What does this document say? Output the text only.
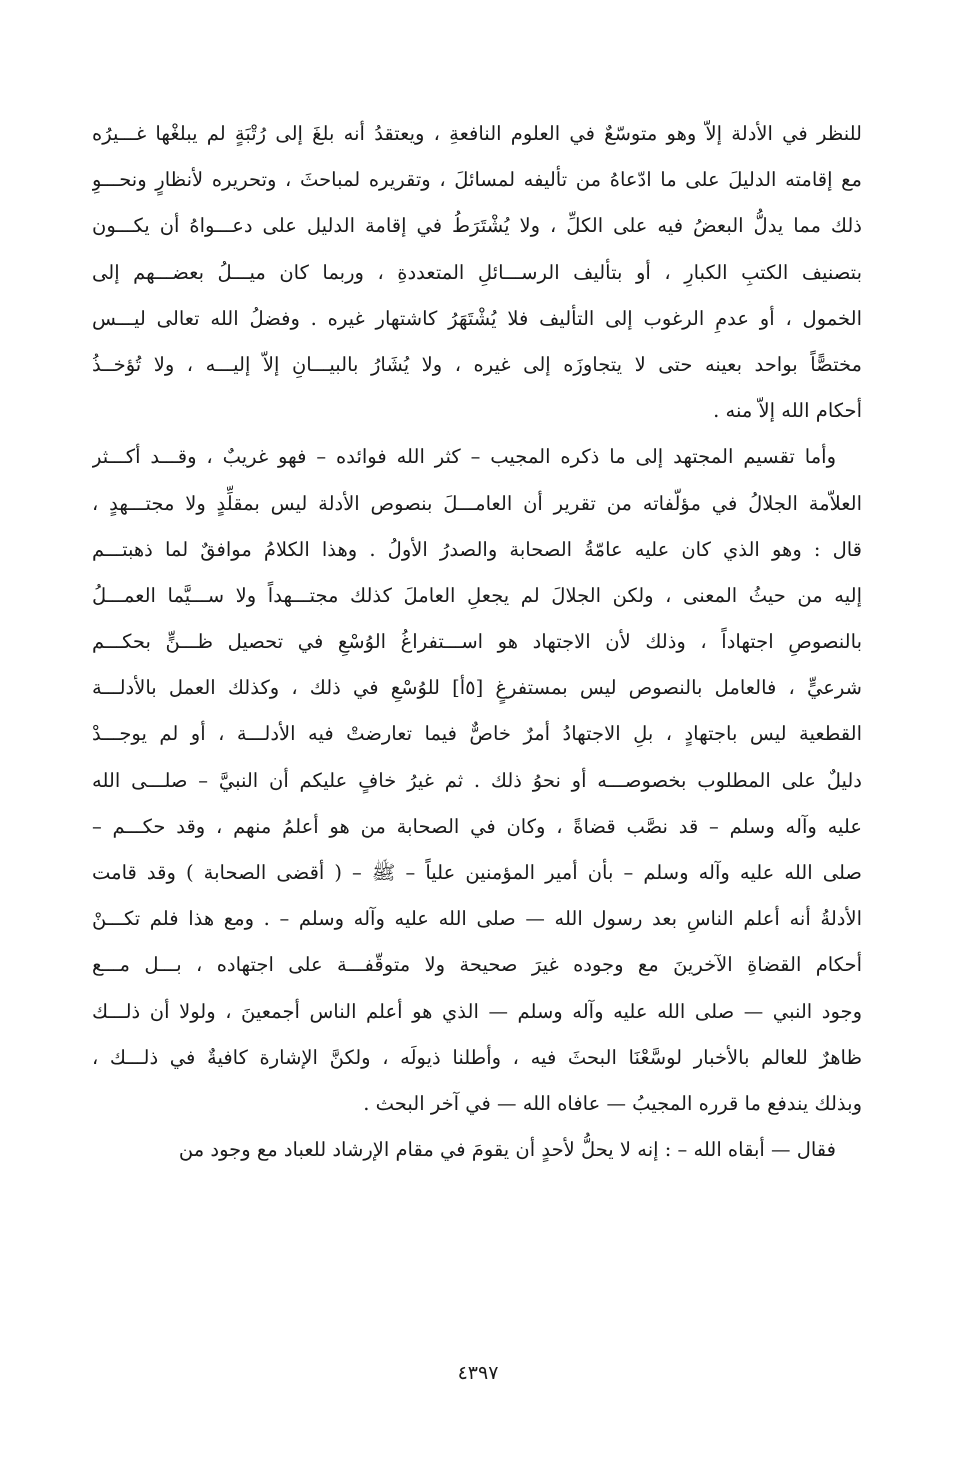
للنظر في الأدلة إلاّ وهو متوسّعٌ في العلوم النافعةِ ، ويعتقدُ أنه بلغَ إلى رُتْبَةٍ لم يبلغْها غـــيرُه
مع إقامته الدليلَ على ما ادّعاهُ من تأليفه لمسائلَ ، وتقريره لمباحثَ ، وتحريره لأنظارٍ ونحـــوِ
ذلك مما يدلُّ البعضُ فيه على الكلِّ ، ولا يُشْتَرَطُ في إقامة الدليل على دعـــواهُ أن يكـــون
بتصنيف الكتبِ الكبارِ ، أو بتأليف الرســـائلِ المتعددةِ ، وربما كان ميـــلُ بعضـــهم إلى
الخمول ، أو عدمِ الرغوب إلى التأليف فلا يُشْتَهَرُ كاشتهار غيره . وفضلُ الله تعالى ليـــس
مختصًّاً بواحد بعينه حتى لا يتجاوزَه إلى غيره ، ولا يُشَارُ بالبيـــانِ إلاّ إليـــه ، ولا تُؤخــذُ
أحكام الله إلاّ منه .
وأما تقسيم المجتهد إلى ما ذكره المجيب – كثر الله فوائده – فهو غريبٌ ، وقـــد أكـــثر
العلاّمة الجلالُ في مؤلّفاته من تقرير أن العامـــلَ بنصوص الأدلة ليس بمقلِّدٍ ولا مجتـــهدٍ ،
قال : وهو الذي كان عليه عامّةُ الصحابة والصدرُ الأولُ . وهذا الكلامُ موافقٌ لما ذهبتـــم
إليه من حيثُ المعنى ، ولكن الجلالَ لم يجعلِ العاملَ كذلك مجتـــهداً ولا ســـيَّما العمـــلُ
بالنصوصِ اجتهاداً ، وذلك لأن الاجتهاد هو اســـتفراغُ الوُسْعِ في تحصيل ظـــنٍّ بحكـــم
شرعيٍّ ، فالعامل بالنصوص ليس بمستفرغٍ [٥أ] للوُسْعِ في ذلك ، وكذلك العمل بالأدلـــة
القطعية ليس باجتهادٍ ، بلِ الاجتهادُ أمرٌ خاصٌّ فيما تعارضتْ فيه الأدلـــة ، أو لم يوجـــدْ
دليلٌ على المطلوب بخصوصـــه أو نحوُ ذلك . ثم غيرُ خافٍ عليكم أن النبيَّ – صلـــى الله
عليه وآله وسلم – قد نصَّب قضاةً ، وكان في الصحابة من هو أعلمُ منهم ، وقد حكـــم –
صلى الله عليه وآله وسلم – بأن أمير المؤمنين علياً – ﷺ – ( أقضى الصحابة ) وقد قامت
الأدلةُ أنه أعلم الناسِ بعد رسول الله — صلى الله عليه وآله وسلم – . ومع هذا فلم تكـــنْ
أحكام القضاةِ الآخرينَ مع وجوده غيرَ صحيحة ولا متوقّفـــة على اجتهاده ، بـــل مـــع
وجود النبي — صلى الله عليه وآله وسلم — الذي هو أعلم الناس أجمعينَ ، ولولا أن ذلـــك
ظاهرٌ للعالم بالأخبار لوسَّعْنَا البحثَ فيه ، وأطلنا ذيولَه ، ولكنَّ الإشارة كافيةٌ في ذلـــك ،
وبذلك يندفع ما قرره المجيبُ — عافاه الله — في آخر البحث .
فقال — أبقاه الله – : إنه لا يحلُّ لأحدٍ أن يقومَ في مقام الإرشاد للعباد مع وجود من
٤٣٩٧
